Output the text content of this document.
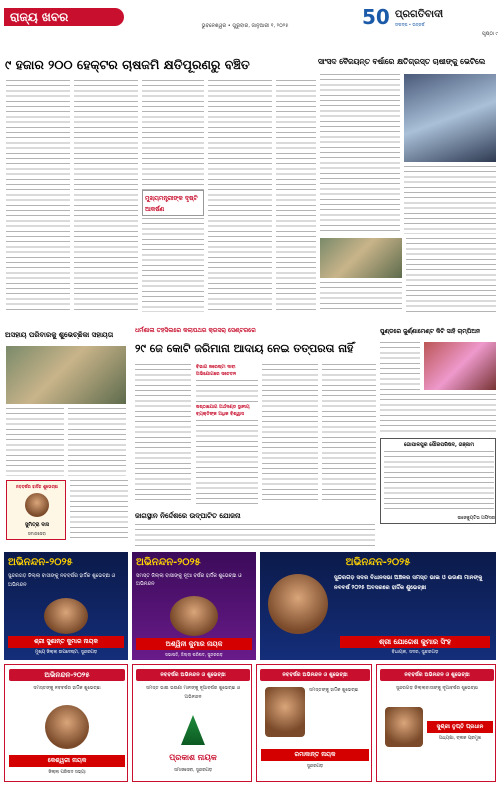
ରାଜ୍ୟ ଖବର
ଭୁବନେଶ୍ୱର • ଗୁରୁବାର, ଜାନୁଆରୀ ୧, ୨୦୨୫	50	ସଂକଳ୍ପ • ଉତ୍କର୍ଷ
ପ୍ରଗତିବାଦୀ
ପୃଷ୍ଠା ୯
୯ ହଜାର ୨୦୦ ହେକ୍ଟର ଚାଷଜମି କ୍ଷତିପୂରଣରୁ ବଞ୍ଚିତ
ମୁଖ୍ୟମନ୍ତ୍ରୀଙ୍କ ଦୃଷ୍ଟି ଆକର୍ଷଣ
ସାଂସଦ ବୈଜୟନ୍ତ ବର୍ଷାରେ କ୍ଷତିଗ୍ରସ୍ତ ଚାଷୀଙ୍କୁ ଭେଟିଲେ
ଅସହାୟ ପରିବାରକୁ ଶୁଭେଚ୍ଛିକା ସହାୟତା
ଧର୍ମଶାଳା ତହସିଲରେ କଲାପଥର କ୍ରସର୍ ସେଣ୍ଟରରେ
୨୯ ଜେ କୋଟି ଜରିମାନା ଆଦାୟ ନେଇ ତତ୍ପରତା ନାହିଁ
ବିଭାଗ ଜରେଷ୍ଟା ଦାବୀ ଅଭିଯୋଗରେ ସଚେତନ
ଷଷ୍ଠାଯୋଗ ଅର୍ଥଦଣ୍ଡ ସ୍ଥାନୀୟ ବ୍ୟକ୍ତିଙ୍କ ଅଧିକ ବିଶ୍ୱାସ
ପୁଣ୍ଡରେ ଜୁର୍ଣ୍ଣାମେଣ୍ଟ କିଟି ସାହି ଚାମ୍ପିଅନ
ଗୋପାଳପୁର ପୌରପରିଷଦ, ଗଞ୍ଜାମ
ଇଜେକ୍ୟୁଟିଭ ଅଫିସର
ନବବର୍ଷର ହାର୍ଦ୍ଦିକ ଶୁଭେଚ୍ଛା
ସୁମିତ୍ରା ଦାସ
ସମାଜସେବୀ
ଜାଗସ୍ଥାନ ନିର୍ଦ୍ଦେଶରେ ଉଦ୍‌ଘାଟିତ ଯୋଜନା
ଅଭିନନ୍ଦନ-୨୦୨୫
ସୁନ୍ଦରଗଡ଼ ଜିଲ୍ଲା ବାସୀଙ୍କୁ ନବବର୍ଷର ହାର୍ଦ୍ଦିକ ଶୁଭେଚ୍ଛା ଓ ଅଭିନନ୍ଦନ
ଶ୍ରୀ ସୁଶାନ୍ତ କୁମାର ନାୟକ
ମୁଖ୍ୟ ଜିଲ୍ଲା ଉପଦେଷ୍ଟା, ସୁନ୍ଦରଗଡ଼
ଅଭିନନ୍ଦନ-୨୦୨୫
ସମସ୍ତ ଜିଲ୍ଲା ବାସୀଙ୍କୁ ନୂଆ ବର୍ଷର ହାର୍ଦ୍ଦିକ ଶୁଭେଚ୍ଛା ଓ ଅଭିନନ୍ଦନ
ଅଶ୍ୱିନୀ କୁମାର ନାୟକ
ସଭାପତି, ଜିଲ୍ଲା ପରିଷଦ, ସୁନ୍ଦରଗଡ଼
ଅଭିନନ୍ଦନ-୨୦୨୫
ସୁନ୍ଦରଗଡ଼ ସଦର ବିଧାନସଭା ଅଞ୍ଚଳର ସମସ୍ତ ଭାଇ ଓ ଭଉଣୀ ମାନଙ୍କୁ ନବବର୍ଷ ୨୦୨୫ ଅବସରରେ ହାର୍ଦ୍ଦିକ ଶୁଭେଚ୍ଛା
ଶ୍ରୀ ଯୋଗେଶ କୁମାର ସିଂହ
ବିଧାୟକ, ସଦର, ସୁନ୍ଦରଗଡ଼
ଅଭିନନ୍ଦନ-୨୦୨୫
ସମସ୍ତଙ୍କୁ ନବବର୍ଷର ହାର୍ଦ୍ଦିକ ଶୁଭେଚ୍ଛା
କେଶ୍ୱରୀ ନାୟକ
ଜିଲ୍ଲା ପରିଷଦ ସଭ୍ୟା
ନବବର୍ଷର ଅଭିନନ୍ଦନ ଓ ଶୁଭେଚ୍ଛା
ସମସ୍ତ ଭାଇ ଭଉଣୀ ମାନଙ୍କୁ ନୂଆବର୍ଷର ଶୁଭେଚ୍ଛା ଓ ଅଭିନନ୍ଦନ
ପ୍ରକାଶ ନାୟକ
ସମାଜସେବୀ, ସୁନ୍ଦରଗଡ଼
ନବବର୍ଷର ଅଭିନନ୍ଦନ ଓ ଶୁଭେଚ୍ଛା
ସମସ୍ତଙ୍କୁ ହାର୍ଦ୍ଦିକ ଶୁଭେଚ୍ଛା
ରମାକାନ୍ତ ନାୟକ
ସୁନ୍ଦରଗଡ଼
ନବବର୍ଷର ଅଭିନନ୍ଦନ ଓ ଶୁଭେଚ୍ଛା
ସୁନ୍ଦରଗଡ଼ ଜିଲ୍ଲାବାସୀଙ୍କୁ ନୂଆବର୍ଷର ଶୁଭେଚ୍ଛା
ସୁଶ୍ରୀ ତୃପ୍ତି ପ୍ରଧାନ
ଅଧ୍ୟକ୍ଷା, ବ୍ଲକ ପ୍ରମୁଖ
